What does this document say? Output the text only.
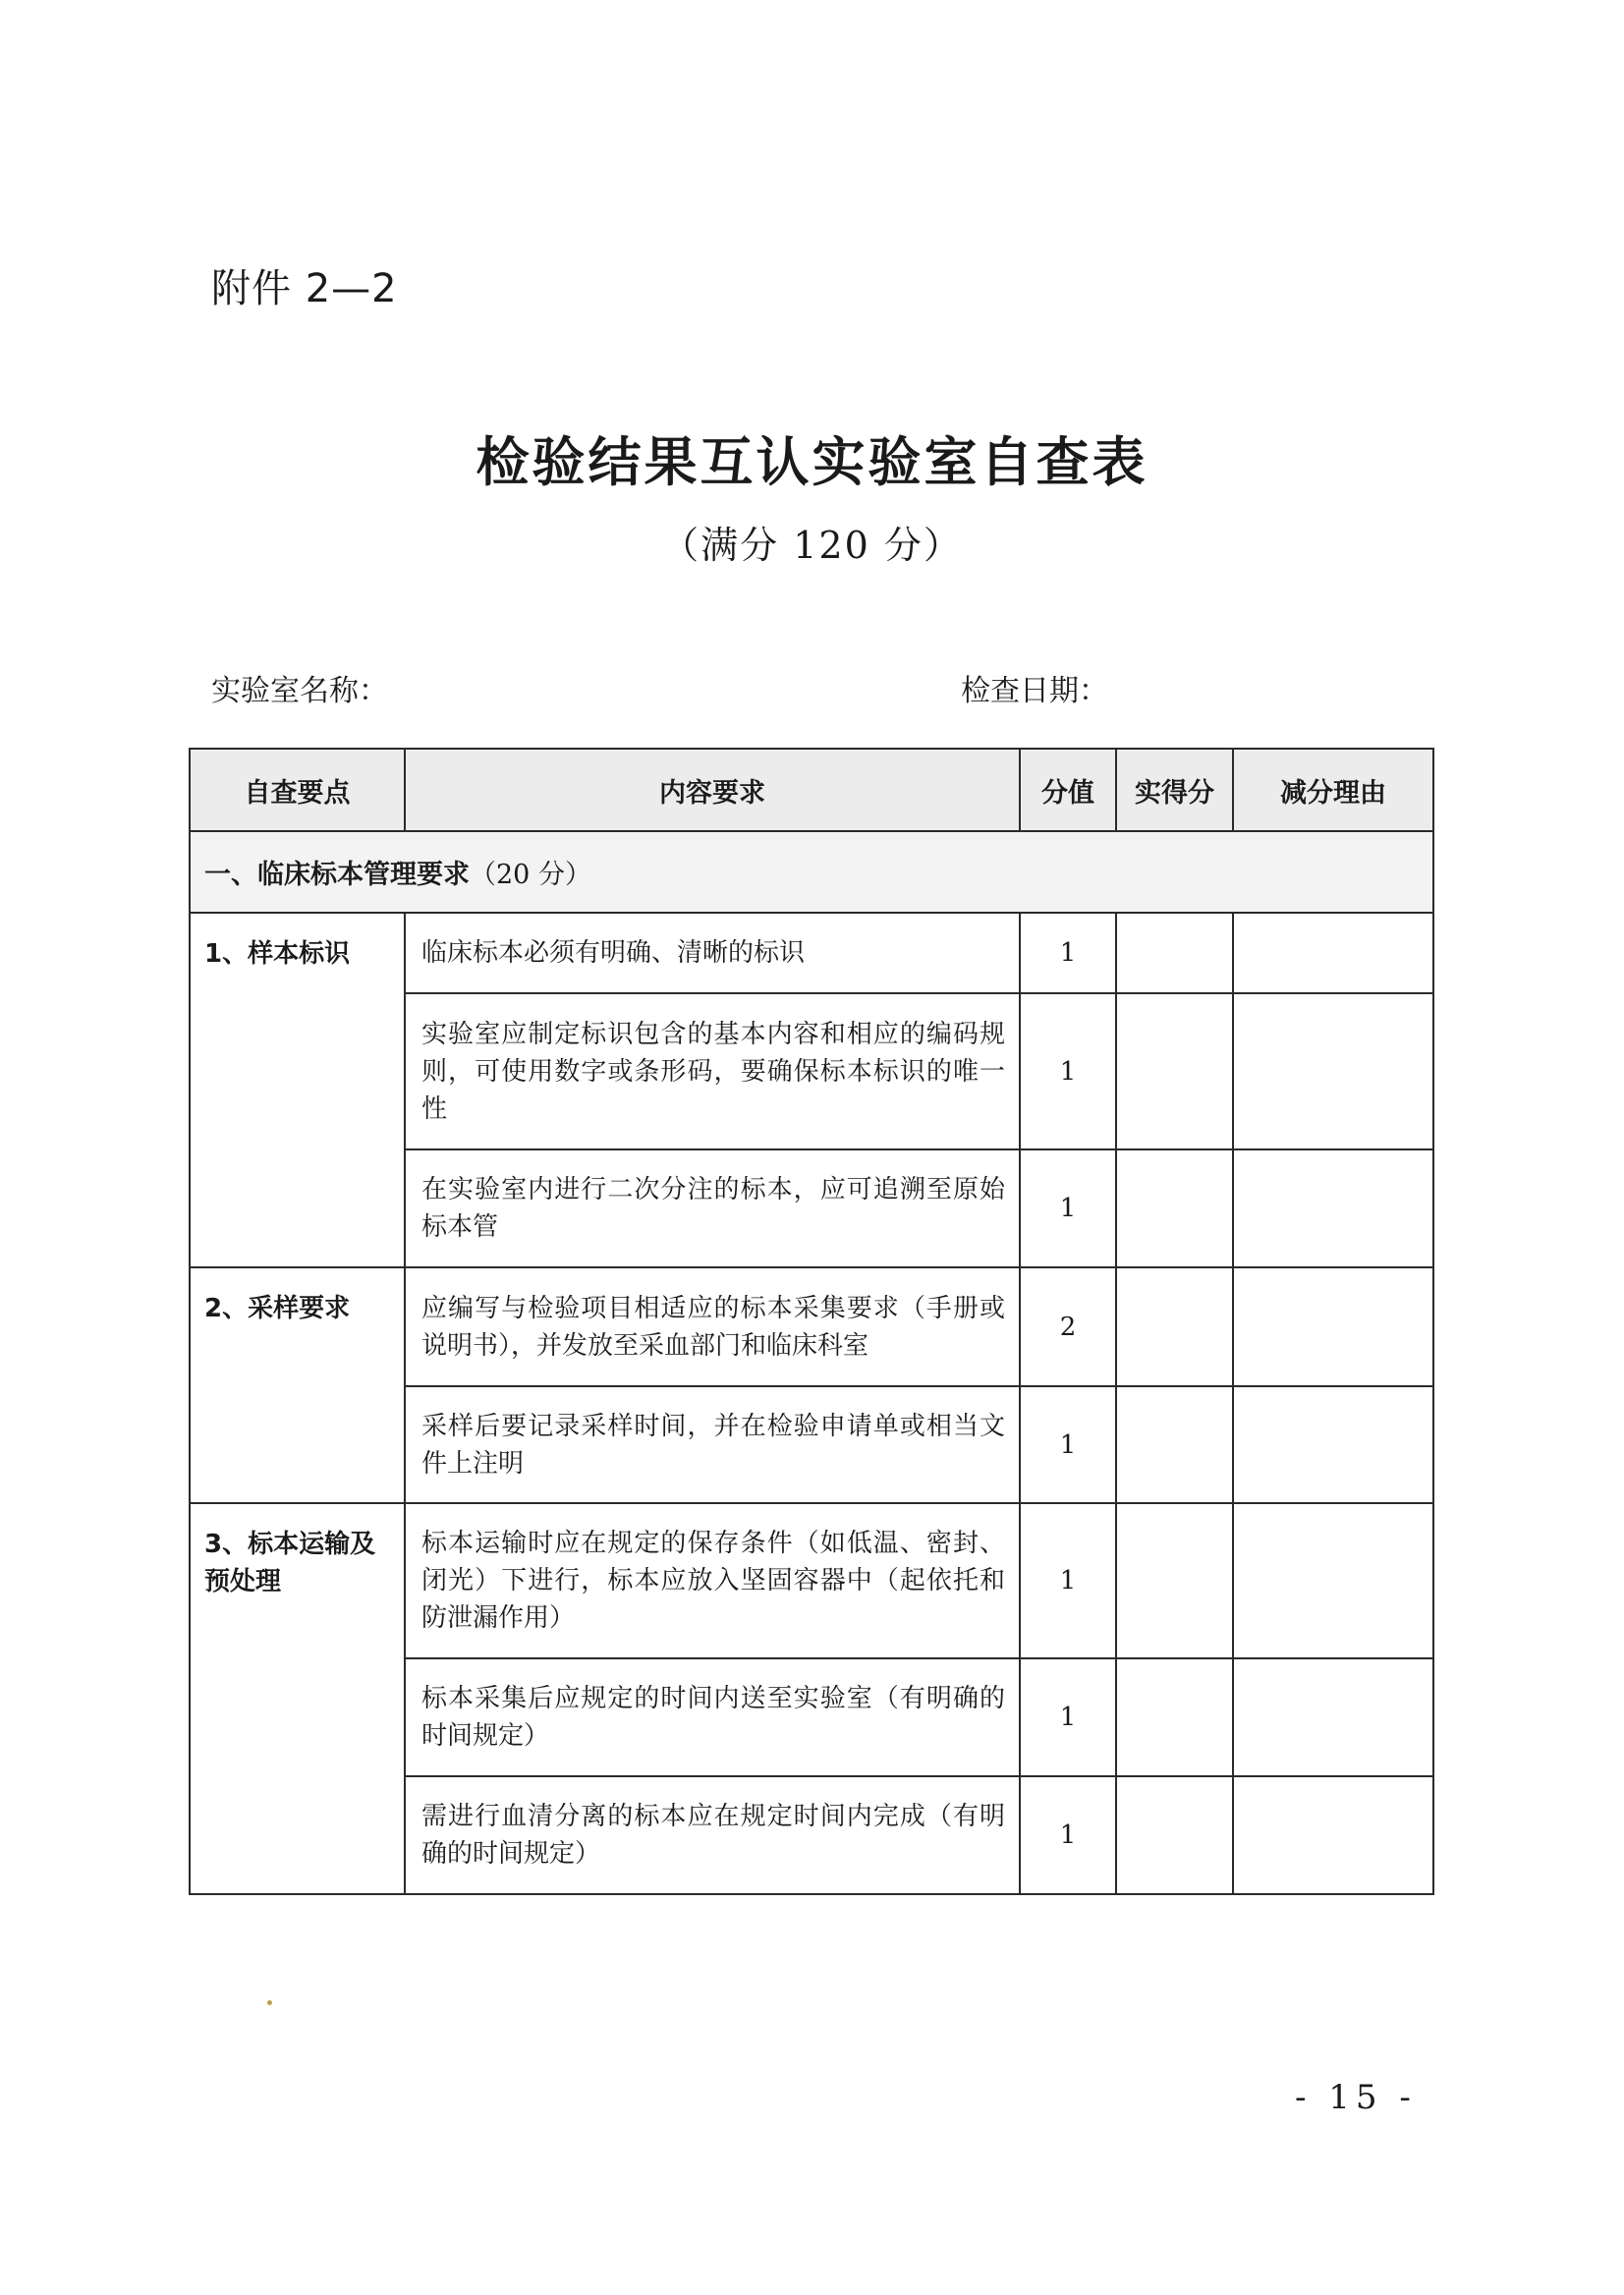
附件 2—2
检验结果互认实验室自查表
（满分 120 分）
实验室名称：	检查日期：
自查要点	内容要求	分值	实得分	减分理由
一、临床标本管理要求（20 分）				
1、样本标识	临床标本必须有明确、清晰的标识	1		
	实验室应制定标识包含的基本内容和相应的编码规则，可使用数字或条形码，要确保标本标识的唯一性	1		
	在实验室内进行二次分注的标本，应可追溯至原始标本管	1		
2、采样要求	应编写与检验项目相适应的标本采集要求（手册或说明书），并发放至采血部门和临床科室	2		
	采样后要记录采样时间，并在检验申请单或相当文件上注明	1		
3、标本运输及预处理	标本运输时应在规定的保存条件（如低温、密封、闭光）下进行，标本应放入坚固容器中（起依托和防泄漏作用）	1		
	标本采集后应规定的时间内送至实验室（有明确的时间规定）	1		
	需进行血清分离的标本应在规定时间内完成（有明确的时间规定）	1		
- 15 -
